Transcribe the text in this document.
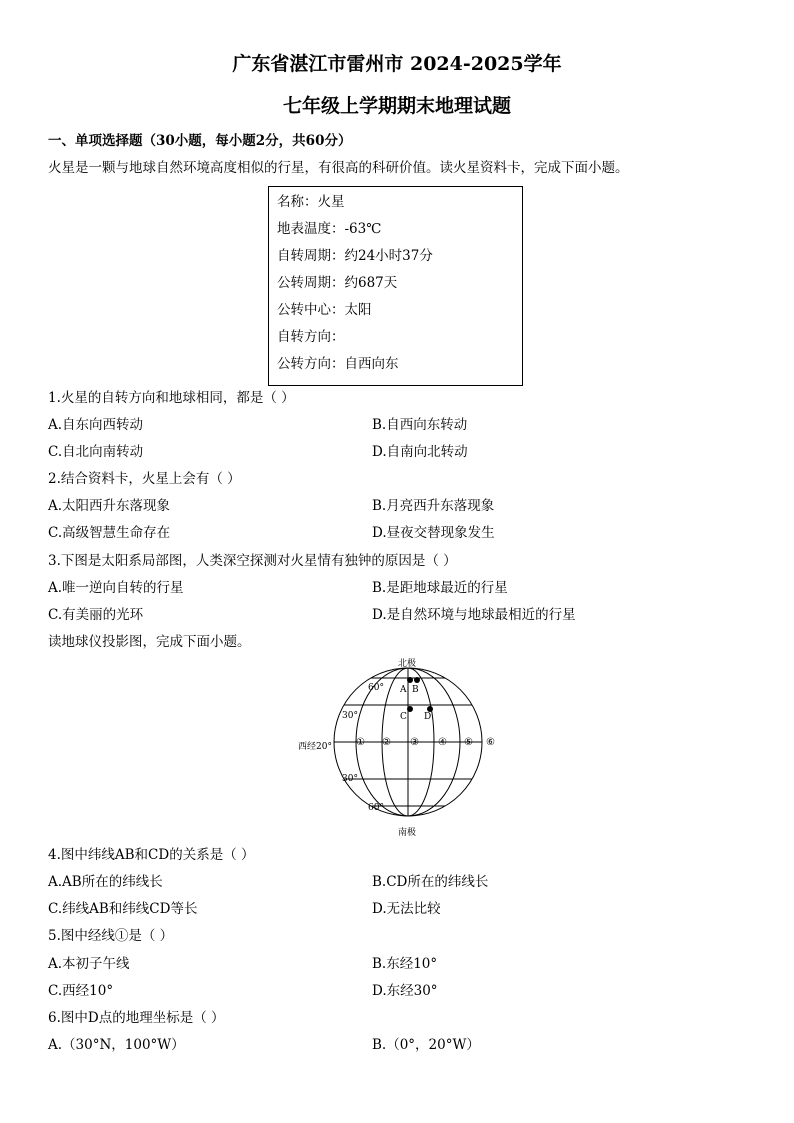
广东省湛江市雷州市 2024-2025学年
七年级上学期期末地理试题
一、单项选择题（30小题，每小题2分，共60分）
火星是一颗与地球自然环境高度相似的行星，有很高的科研价值。读火星资料卡，完成下面小题。
名称：火星
地表温度：-63℃
自转周期：约24小时37分
公转周期：约687天
公转中心：太阳
自转方向：
公转方向：自西向东
1.火星的自转方向和地球相同，都是（ ）
A.自东向西转动	B.自西向东转动
C.自北向南转动	D.自南向北转动
2.结合资料卡，火星上会有（ ）
A.太阳西升东落现象	B.月亮西升东落现象
C.高级智慧生命存在	D.昼夜交替现象发生
3.下图是太阳系局部图，人类深空探测对火星情有独钟的原因是（ ）
A.唯一逆向自转的行星	B.是距地球最近的行星
C.有美丽的光环	D.是自然环境与地球最相近的行星
读地球仪投影图，完成下面小题。
北极
南极
西经20°
60°
30°
30°
60°
A B
C D
① ② ③ ④ ⑤ ⑥
4.图中纬线AB和CD的关系是（ ）
A.AB所在的纬线长	B.CD所在的纬线长
C.纬线AB和纬线CD等长	D.无法比较
5.图中经线①是（ ）
A.本初子午线	B.东经10°
C.西经10°	D.东经30°
6.图中D点的地理坐标是（ ）
A.（30°N，100°W）	B.（0°，20°W）
